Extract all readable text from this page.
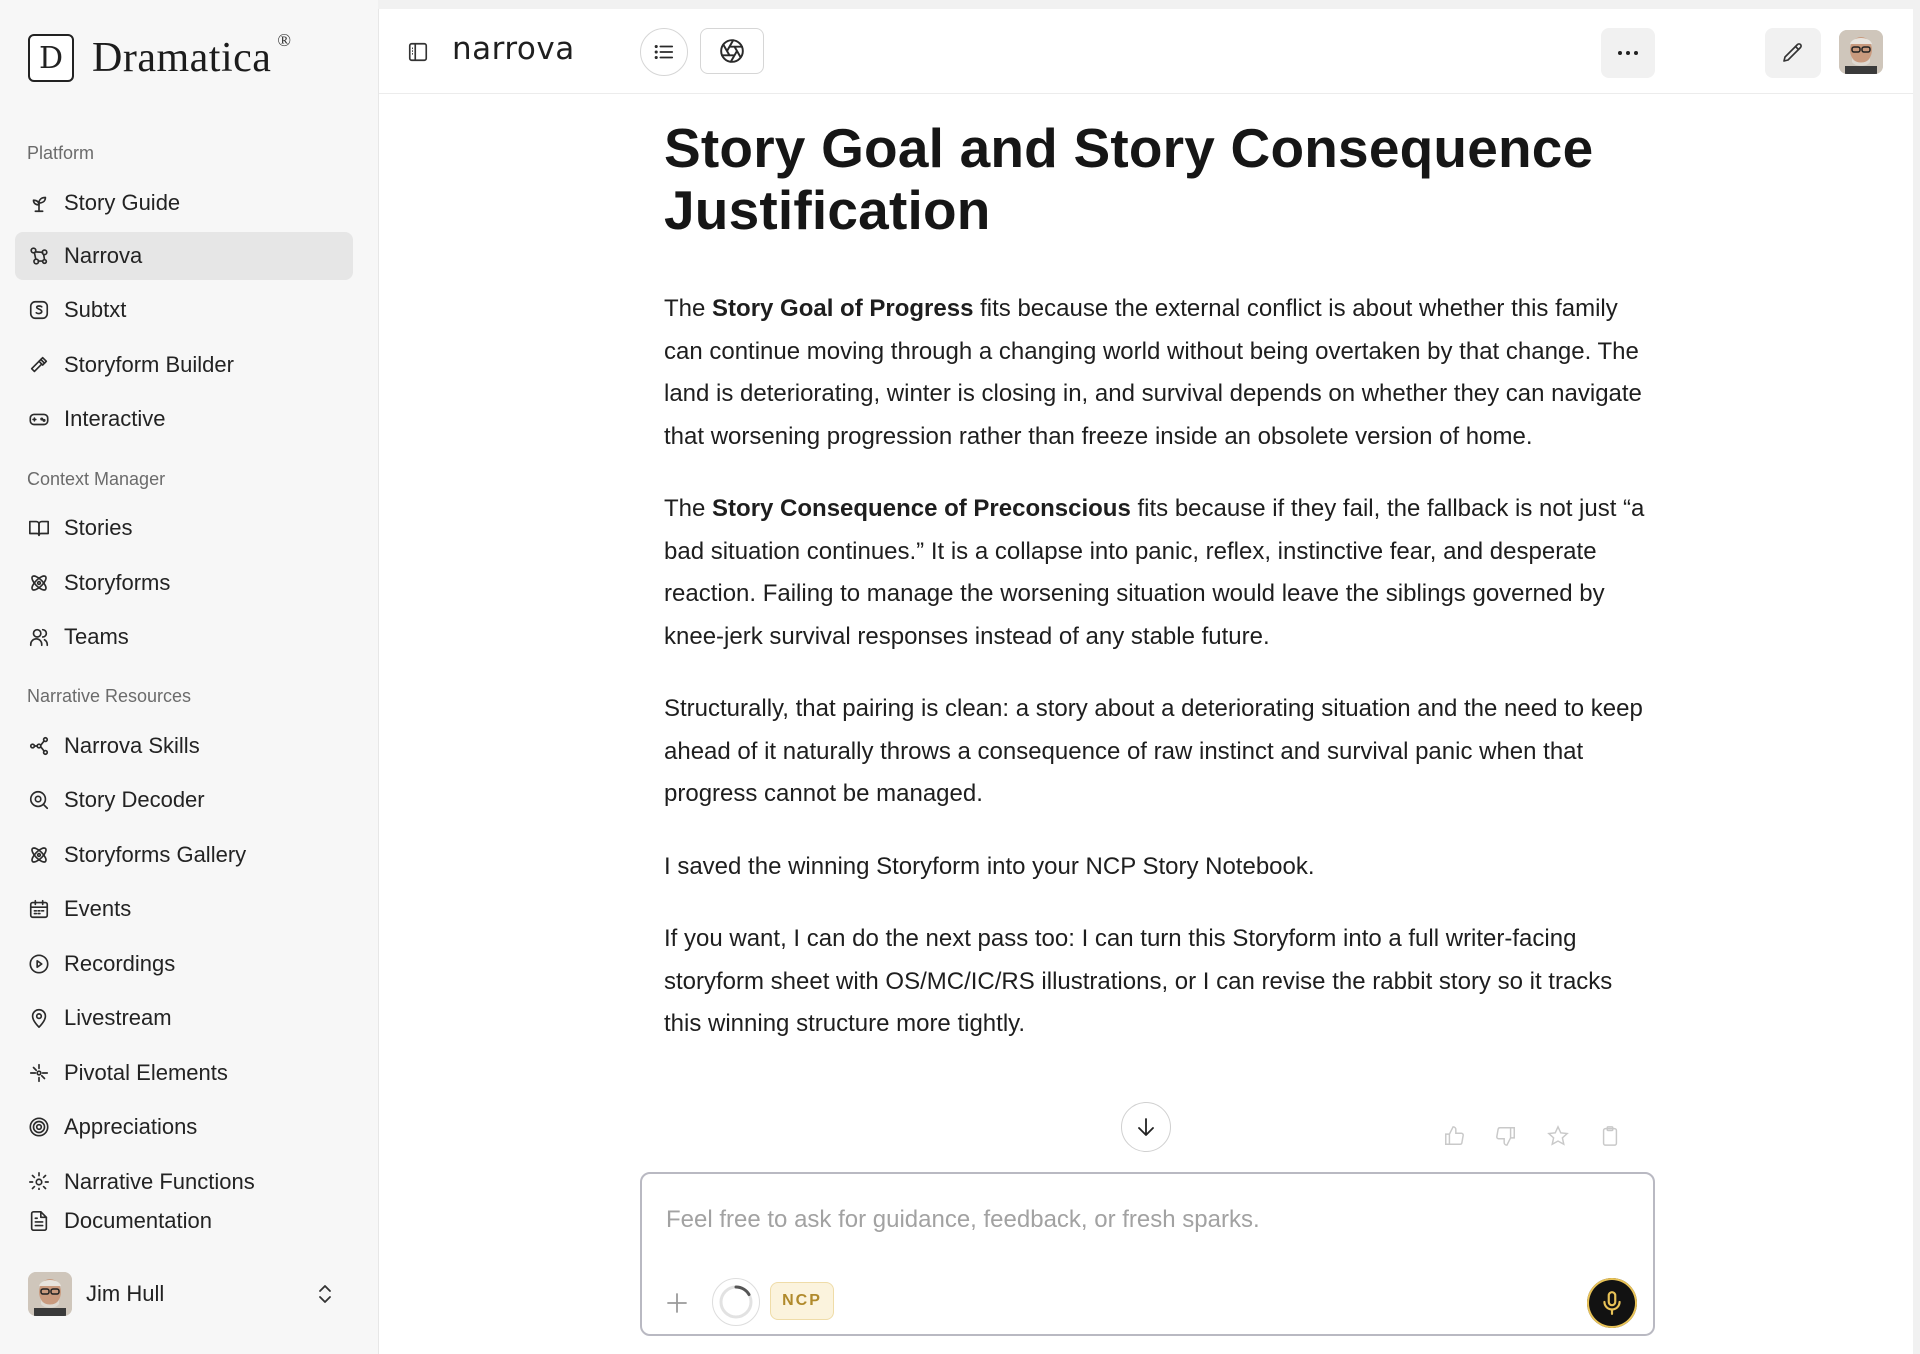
D Dramatica ®
Platform
Story Guide
Narrova
Subtxt
Storyform Builder
Interactive
Context Manager
Stories
Storyforms
Teams
Narrative Resources
Narrova Skills
Story Decoder
Storyforms Gallery
Events
Recordings
Livestream
Pivotal Elements
Appreciations
Narrative Functions
Documentation
Jim Hull
narrova
Story Goal and Story Consequence
Justification

The Story Goal of Progress fits because the external conflict is about whether this family can continue moving through a changing world without being overtaken by that change. The land is deteriorating, winter is closing in, and survival depends on whether they can navigate that worsening progression rather than freeze inside an obsolete version of home.

The Story Consequence of Preconscious fits because if they fail, the fallback is not just “a bad situation continues.” It is a collapse into panic, reflex, instinctive fear, and desperate reaction. Failing to manage the worsening situation would leave the siblings governed by knee-jerk survival responses instead of any stable future.

Structurally, that pairing is clean: a story about a deteriorating situation and the need to keep ahead of it naturally throws a consequence of raw instinct and survival panic when that progress cannot be managed.

I saved the winning Storyform into your NCP Story Notebook.

If you want, I can do the next pass too: I can turn this Storyform into a full writer-facing storyform sheet with OS/MC/IC/RS illustrations, or I can revise the rabbit story so it tracks this winning structure more tightly.

Feel free to ask for guidance, feedback, or fresh sparks.
NCP
